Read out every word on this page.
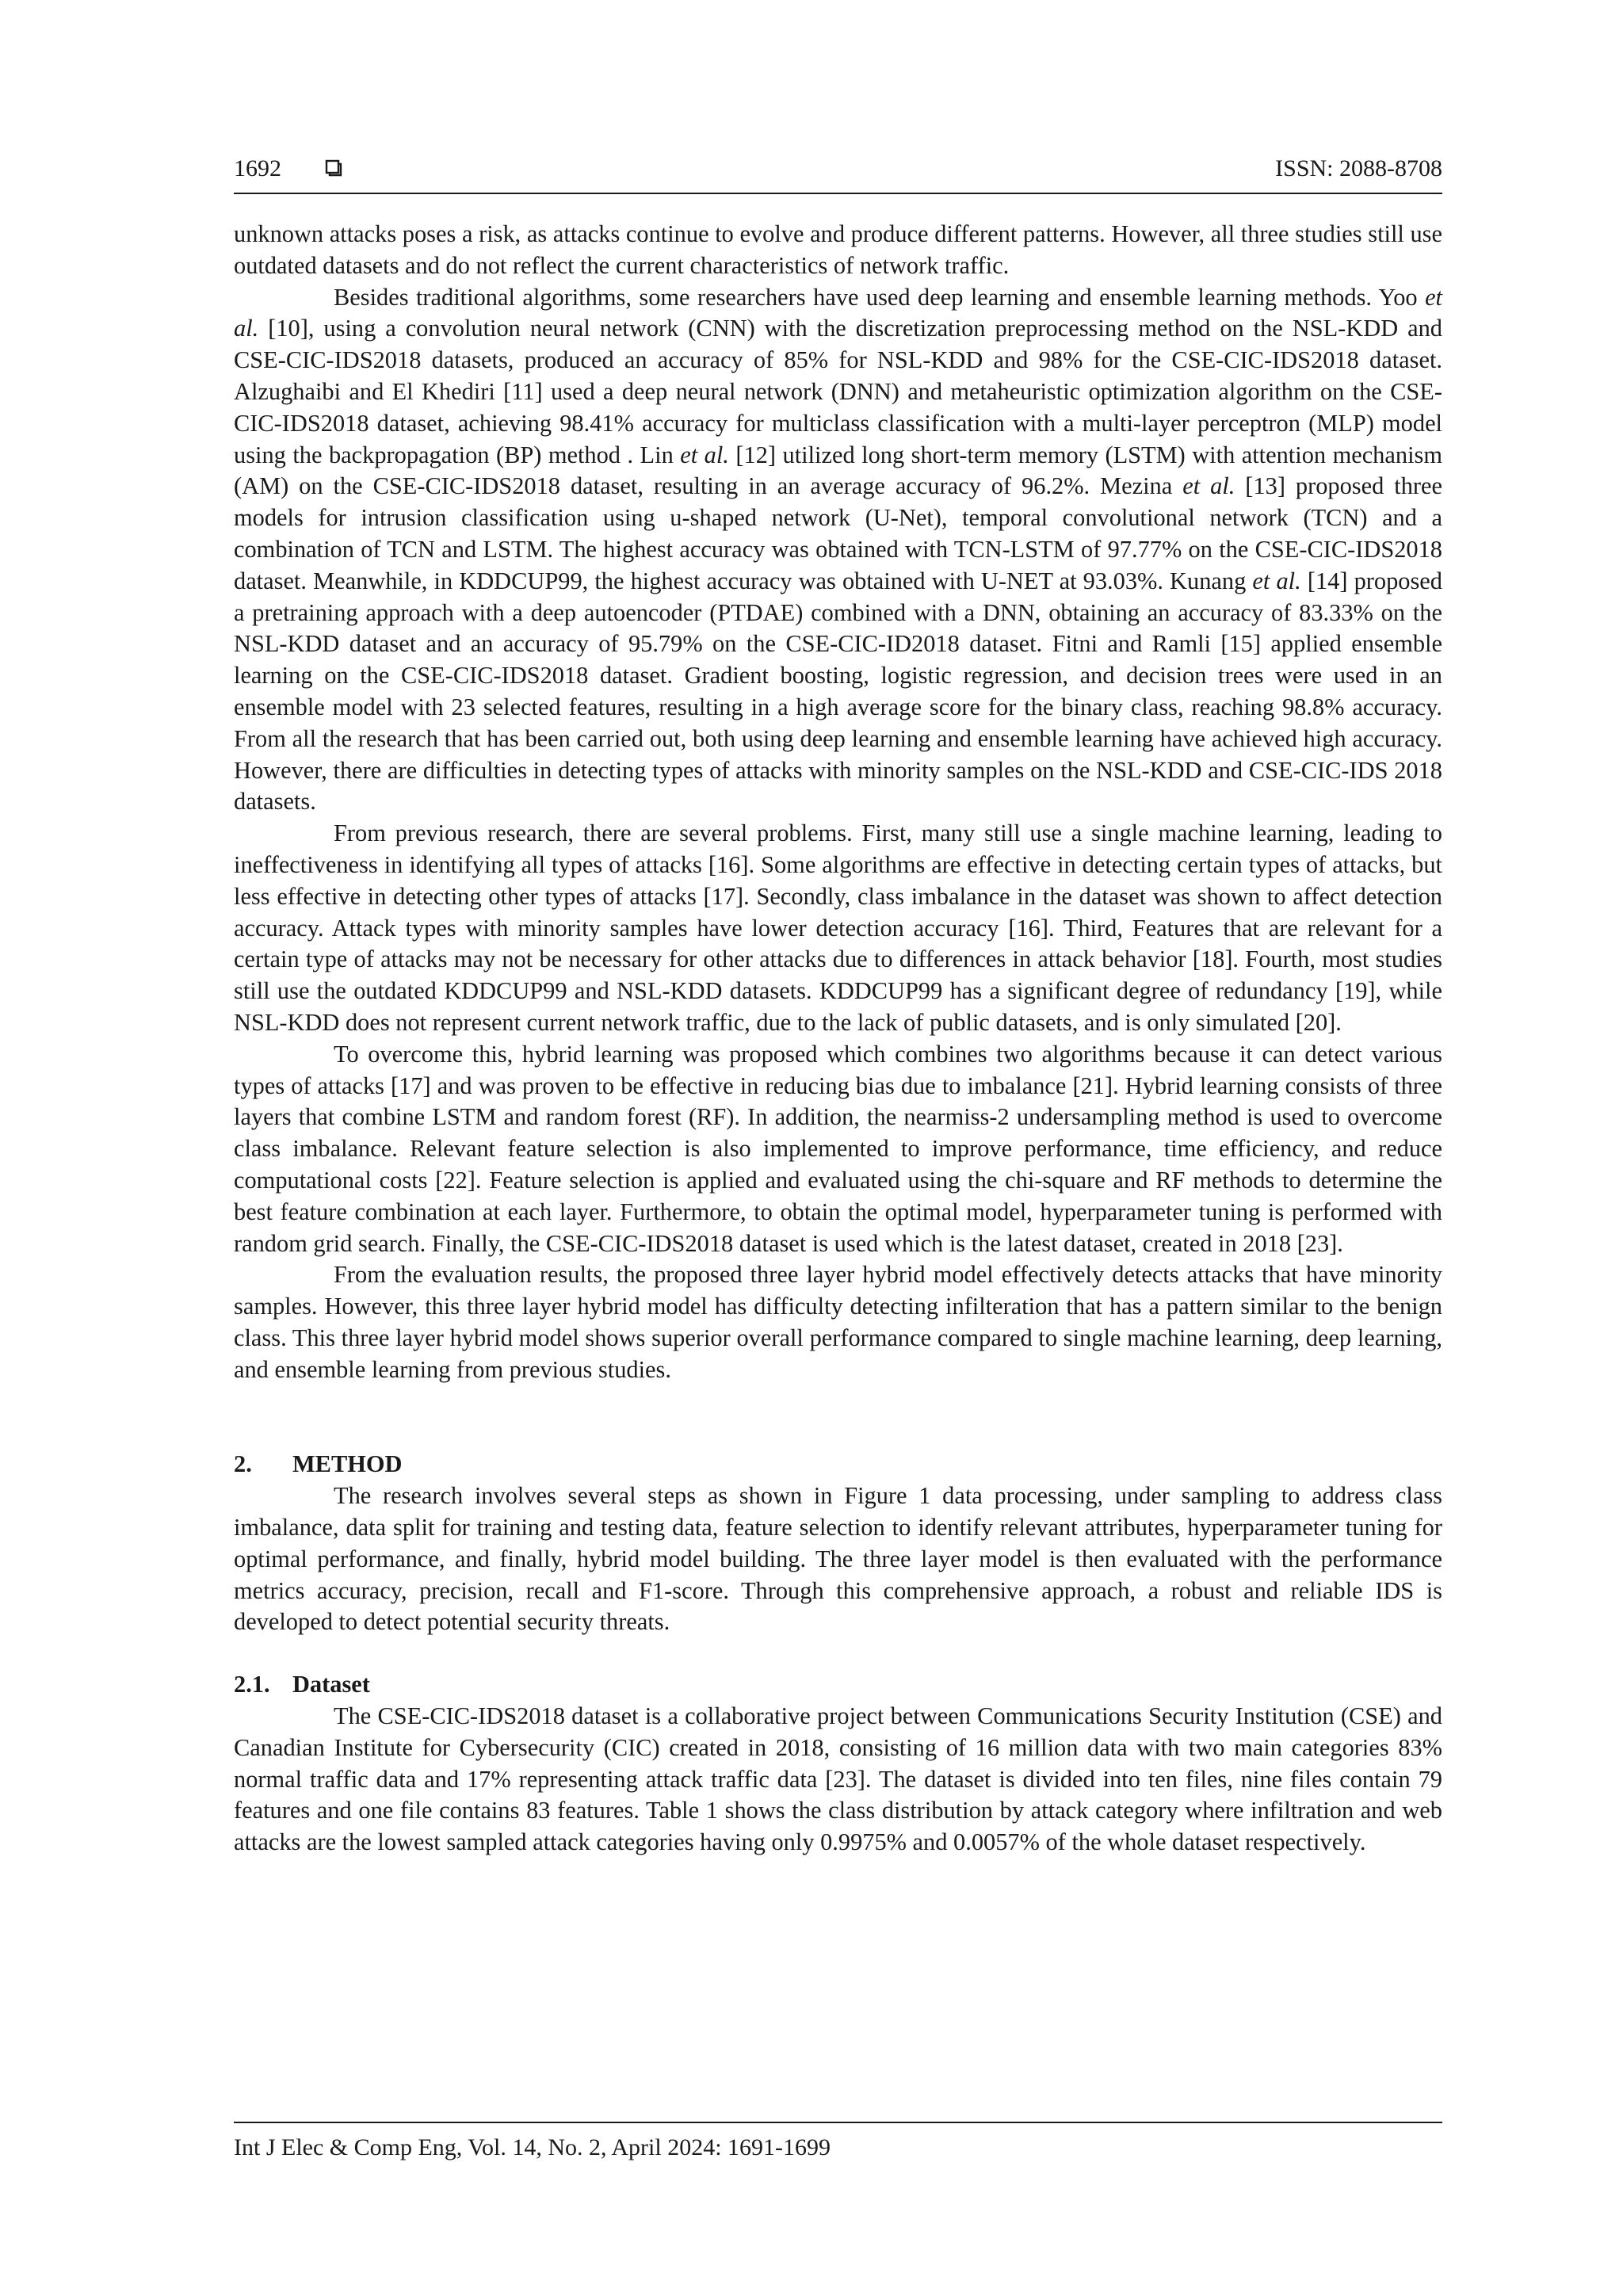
1692	ISSN: 2088-8708

unknown attacks poses a risk, as attacks continue to evolve and produce different patterns. However, all three studies still use outdated datasets and do not reflect the current characteristics of network traffic.

Besides traditional algorithms, some researchers have used deep learning and ensemble learning methods. Yoo et al. [10], using a convolution neural network (CNN) with the discretization preprocessing method on the NSL-KDD and CSE-CIC-IDS2018 datasets, produced an accuracy of 85% for NSL-KDD and 98% for the CSE-CIC-IDS2018 dataset. Alzughaibi and El Khediri [11] used a deep neural network (DNN) and metaheuristic optimization algorithm on the CSE-CIC-IDS2018 dataset, achieving 98.41% accuracy for multiclass classification with a multi-layer perceptron (MLP) model using the backpropagation (BP) method . Lin et al. [12] utilized long short-term memory (LSTM) with attention mechanism (AM) on the CSE-CIC-IDS2018 dataset, resulting in an average accuracy of 96.2%. Mezina et al. [13] proposed three models for intrusion classification using u-shaped network (U-Net), temporal convolutional network (TCN) and a combination of TCN and LSTM. The highest accuracy was obtained with TCN-LSTM of 97.77% on the CSE-CIC-IDS2018 dataset. Meanwhile, in KDDCUP99, the highest accuracy was obtained with U-NET at 93.03%. Kunang et al. [14] proposed a pretraining approach with a deep autoencoder (PTDAE) combined with a DNN, obtaining an accuracy of 83.33% on the NSL-KDD dataset and an accuracy of 95.79% on the CSE-CIC-ID2018 dataset. Fitni and Ramli [15] applied ensemble learning on the CSE-CIC-IDS2018 dataset. Gradient boosting, logistic regression, and decision trees were used in an ensemble model with 23 selected features, resulting in a high average score for the binary class, reaching 98.8% accuracy. From all the research that has been carried out, both using deep learning and ensemble learning have achieved high accuracy. However, there are difficulties in detecting types of attacks with minority samples on the NSL-KDD and CSE-CIC-IDS 2018 datasets.

From previous research, there are several problems. First, many still use a single machine learning, leading to ineffectiveness in identifying all types of attacks [16]. Some algorithms are effective in detecting certain types of attacks, but less effective in detecting other types of attacks [17]. Secondly, class imbalance in the dataset was shown to affect detection accuracy. Attack types with minority samples have lower detection accuracy [16]. Third, Features that are relevant for a certain type of attacks may not be necessary for other attacks due to differences in attack behavior [18]. Fourth, most studies still use the outdated KDDCUP99 and NSL-KDD datasets. KDDCUP99 has a significant degree of redundancy [19], while NSL-KDD does not represent current network traffic, due to the lack of public datasets, and is only simulated [20].

To overcome this, hybrid learning was proposed which combines two algorithms because it can detect various types of attacks [17] and was proven to be effective in reducing bias due to imbalance [21]. Hybrid learning consists of three layers that combine LSTM and random forest (RF). In addition, the nearmiss-2 undersampling method is used to overcome class imbalance. Relevant feature selection is also implemented to improve performance, time efficiency, and reduce computational costs [22]. Feature selection is applied and evaluated using the chi-square and RF methods to determine the best feature combination at each layer. Furthermore, to obtain the optimal model, hyperparameter tuning is performed with random grid search. Finally, the CSE-CIC-IDS2018 dataset is used which is the latest dataset, created in 2018 [23].

From the evaluation results, the proposed three layer hybrid model effectively detects attacks that have minority samples. However, this three layer hybrid model has difficulty detecting infilteration that has a pattern similar to the benign class. This three layer hybrid model shows superior overall performance compared to single machine learning, deep learning, and ensemble learning from previous studies.

2. METHOD

The research involves several steps as shown in Figure 1 data processing, under sampling to address class imbalance, data split for training and testing data, feature selection to identify relevant attributes, hyperparameter tuning for optimal performance, and finally, hybrid model building. The three layer model is then evaluated with the performance metrics accuracy, precision, recall and F1-score. Through this comprehensive approach, a robust and reliable IDS is developed to detect potential security threats.

2.1. Dataset

The CSE-CIC-IDS2018 dataset is a collaborative project between Communications Security Institution (CSE) and Canadian Institute for Cybersecurity (CIC) created in 2018, consisting of 16 million data with two main categories 83% normal traffic data and 17% representing attack traffic data [23]. The dataset is divided into ten files, nine files contain 79 features and one file contains 83 features. Table 1 shows the class distribution by attack category where infiltration and web attacks are the lowest sampled attack categories having only 0.9975% and 0.0057% of the whole dataset respectively.

Int J Elec & Comp Eng, Vol. 14, No. 2, April 2024: 1691-1699
